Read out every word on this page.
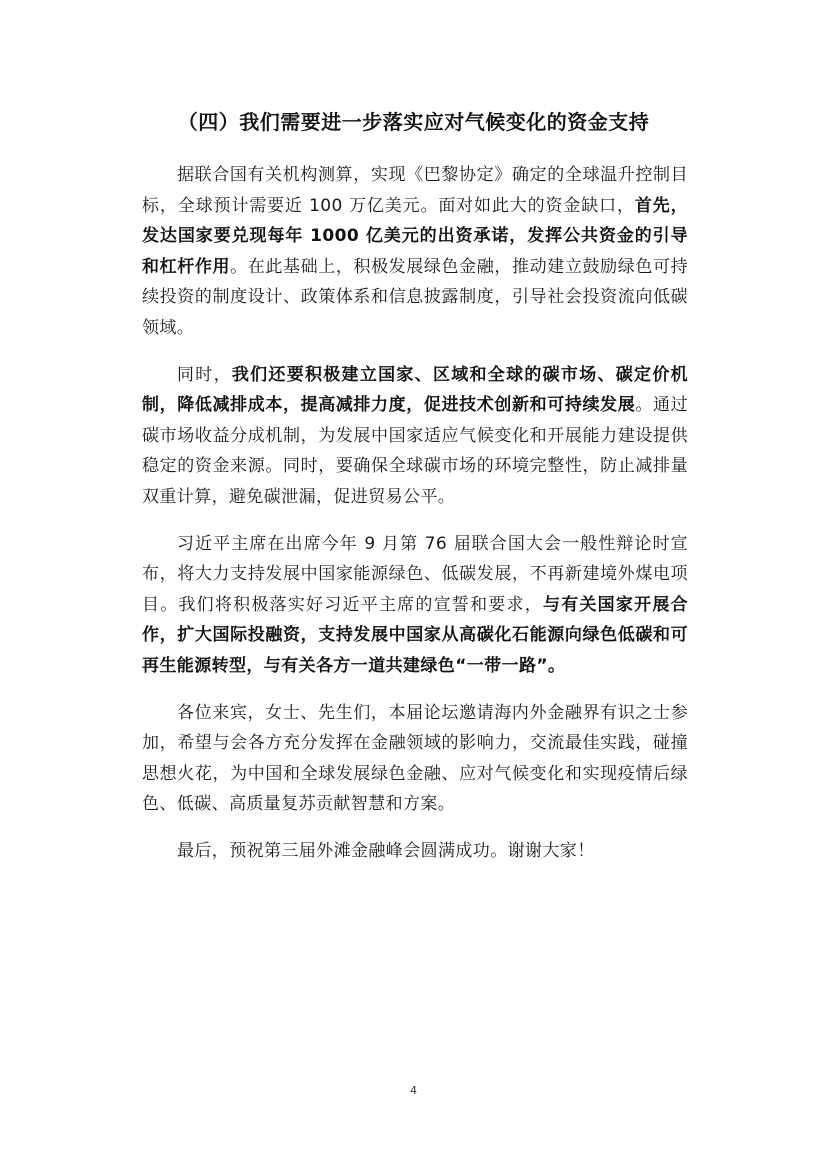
（四）我们需要进一步落实应对气候变化的资金支持

据联合国有关机构测算，实现《巴黎协定》确定的全球温升控制目标，全球预计需要近 100 万亿美元。面对如此大的资金缺口，首先，发达国家要兑现每年 1000 亿美元的出资承诺，发挥公共资金的引导和杠杆作用。在此基础上，积极发展绿色金融，推动建立鼓励绿色可持续投资的制度设计、政策体系和信息披露制度，引导社会投资流向低碳领域。

同时，我们还要积极建立国家、区域和全球的碳市场、碳定价机制，降低减排成本，提高减排力度，促进技术创新和可持续发展。通过碳市场收益分成机制，为发展中国家适应气候变化和开展能力建设提供稳定的资金来源。同时，要确保全球碳市场的环境完整性，防止减排量双重计算，避免碳泄漏，促进贸易公平。

习近平主席在出席今年 9 月第 76 届联合国大会一般性辩论时宣布，将大力支持发展中国家能源绿色、低碳发展，不再新建境外煤电项目。我们将积极落实好习近平主席的宣誓和要求，与有关国家开展合作，扩大国际投融资，支持发展中国家从高碳化石能源向绿色低碳和可再生能源转型，与有关各方一道共建绿色“一带一路”。

各位来宾，女士、先生们，本届论坛邀请海内外金融界有识之士参加，希望与会各方充分发挥在金融领域的影响力，交流最佳实践，碰撞思想火花，为中国和全球发展绿色金融、应对气候变化和实现疫情后绿色、低碳、高质量复苏贡献智慧和方案。

最后，预祝第三届外滩金融峰会圆满成功。谢谢大家！

4
